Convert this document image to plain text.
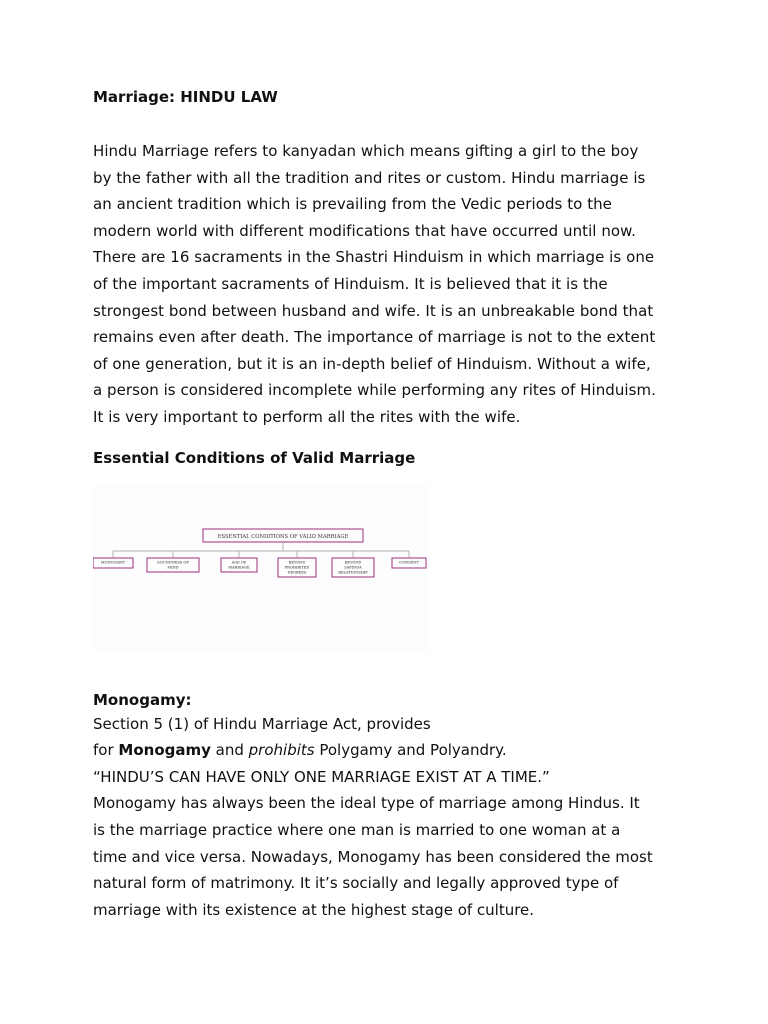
Marriage: HINDU LAW

Hindu Marriage refers to kanyadan which means gifting a girl to the boy

by the father with all the tradition and rites or custom. Hindu marriage is

an ancient tradition which is prevailing from the Vedic periods to the

modern world with different modifications that have occurred until now.

There are 16 sacraments in the Shastri Hinduism in which marriage is one

of the important sacraments of Hinduism. It is believed that it is the

strongest bond between husband and wife. It is an unbreakable bond that

remains even after death. The importance of marriage is not to the extent

of one generation, but it is an in-depth belief of Hinduism. Without a wife,

a person is considered incomplete while performing any rites of Hinduism.

It is very important to perform all the rites with the wife.

Essential Conditions of Valid Marriage
ESSENTIAL CONDITIONS OF VALID MARRIAGE
MONOGAMY	SOUNDNESS OF
MIND
AGE OF
MARRIAGE
BEYOND
PROHIBITED
DEGREES
BEYOND
SAPINDA
RELATIONSHIP
CONSENT
Monogamy:

Section 5 (1) of Hindu Marriage Act, provides

for Monogamy and prohibits Polygamy and Polyandry.

“HINDU’S CAN HAVE ONLY ONE MARRIAGE EXIST AT A TIME.”

Monogamy has always been the ideal type of marriage among Hindus. It

is the marriage practice where one man is married to one woman at a

time and vice versa. Nowadays, Monogamy has been considered the most

natural form of matrimony. It it’s socially and legally approved type of

marriage with its existence at the highest stage of culture.
